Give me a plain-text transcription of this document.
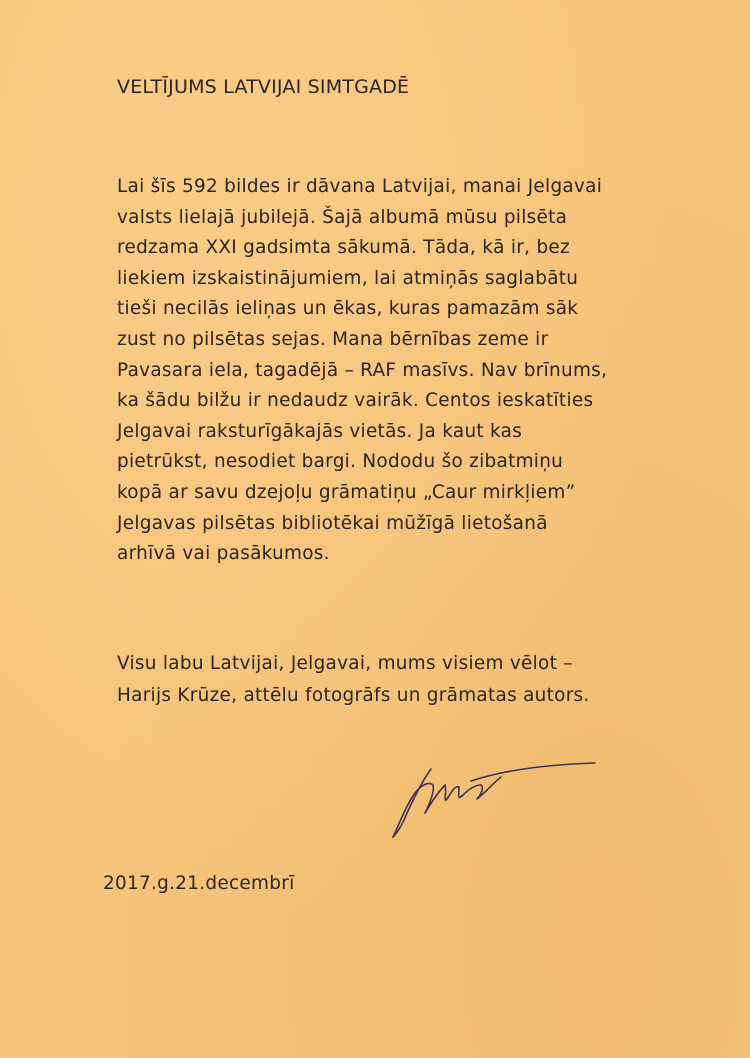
VELTĪJUMS LATVIJAI SIMTGADĒ
Lai šīs 592 bildes ir dāvana Latvijai, manai Jelgavai
valsts lielajā jubilejā. Šajā albumā mūsu pilsēta
redzama XXI gadsimta sākumā. Tāda, kā ir, bez
liekiem izskaistinājumiem, lai atmiņās saglabātu
tieši necilās ieliņas un ēkas, kuras pamazām sāk
zust no pilsētas sejas. Mana bērnības zeme ir
Pavasara iela, tagadējā – RAF masīvs. Nav brīnums,
ka šādu bilžu ir nedaudz vairāk. Centos ieskatīties
Jelgavai raksturīgākajās vietās. Ja kaut kas
pietrūkst, nesodiet bargi. Nododu šo zibatmiņu
kopā ar savu dzejoļu grāmatiņu „Caur mirkļiem”
Jelgavas pilsētas bibliotēkai mūžīgā lietošanā
arhīvā vai pasākumos.
Visu labu Latvijai, Jelgavai, mums visiem vēlot –
Harijs Krūze, attēlu fotogrāfs un grāmatas autors.
2017.g.21.decembrī
